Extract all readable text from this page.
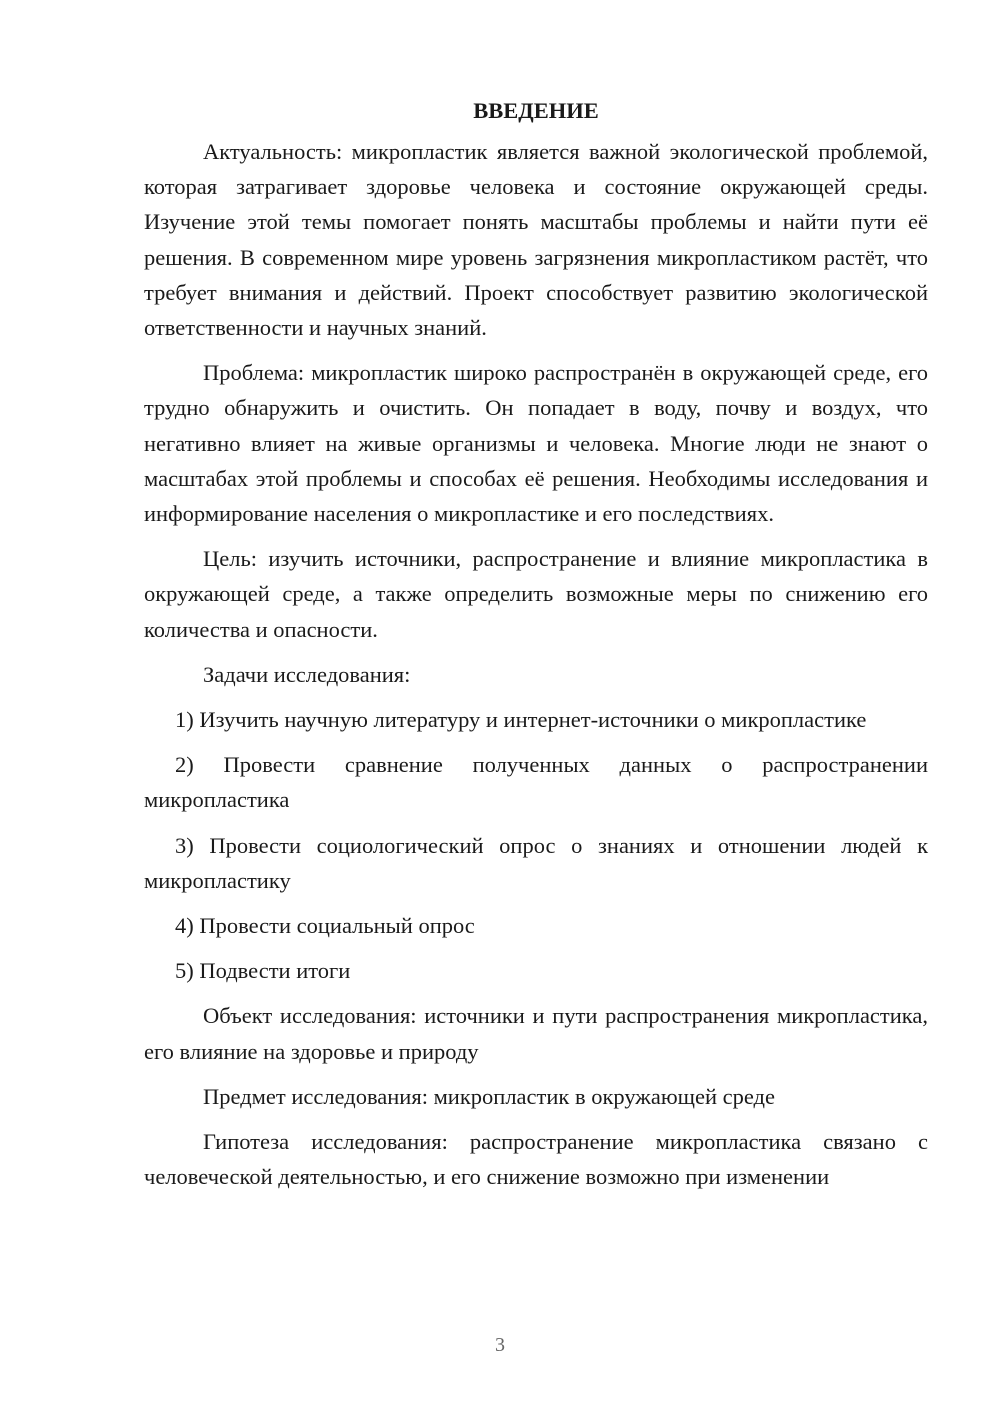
ВВЕДЕНИЕ

Актуальность: микропластик является важной экологической проблемой, которая затрагивает здоровье человека и состояние окружающей среды. Изучение этой темы помогает понять масштабы проблемы и найти пути её решения. В современном мире уровень загрязнения микропластиком растёт, что требует внимания и действий. Проект способствует развитию экологической ответственности и научных знаний.

Проблема: микропластик широко распространён в окружающей среде, его трудно обнаружить и очистить. Он попадает в воду, почву и воздух, что негативно влияет на живые организмы и человека. Многие люди не знают о масштабах этой проблемы и способах её решения. Необходимы исследования и информирование населения о микропластике и его последствиях.

Цель: изучить источники, распространение и влияние микропластика в окружающей среде, а также определить возможные меры по снижению его количества и опасности.

Задачи исследования:

1) Изучить научную литературу и интернет-источники о микропластике

2) Провести сравнение полученных данных о распространении микропластика

3) Провести социологический опрос о знаниях и отношении людей к микропластику

4) Провести социальный опрос

5) Подвести итоги

Объект исследования: источники и пути распространения микропластика, его влияние на здоровье и природу

Предмет исследования: микропластик в окружающей среде

Гипотеза исследования: распространение микропластика связано с человеческой деятельностью, и его снижение возможно при изменении

3
